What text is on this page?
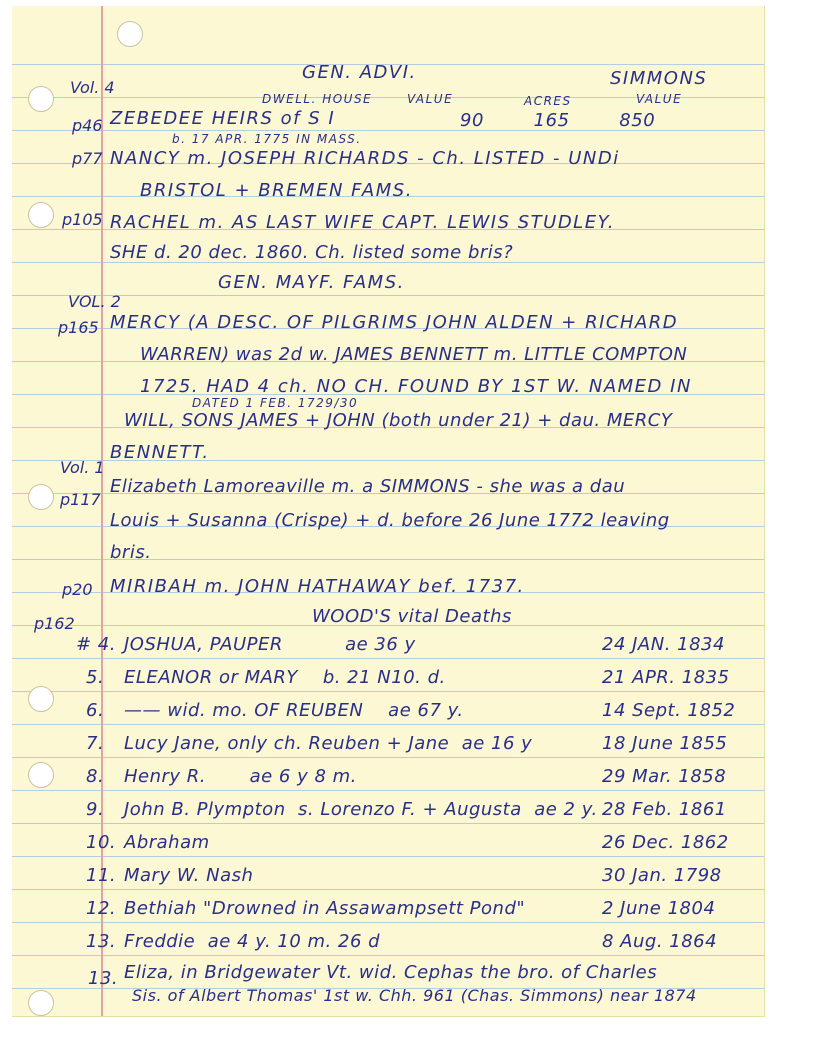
GEN. ADVI.	SIMMONS
DWELL. HOUSE	VALUE	ACRES	VALUE
Vol. 4
p46
p77
p105
VOL. 2
p165
Vol. 1
p117
p20
p162
ZEBEDEE HEIRS of S I	90        165        850
b. 17 APR. 1775 IN MASS.
NANCY m. JOSEPH RICHARDS - Ch. LISTED - UNDi
BRISTOL + BREMEN FAMS.
RACHEL m. AS LAST WIFE CAPT. LEWIS STUDLEY.
SHE d. 20 dec. 1860. Ch. listed some bris?
GEN. MAYF. FAMS.
MERCY (A DESC. OF PILGRIMS JOHN ALDEN + RICHARD
WARREN) was 2d w. JAMES BENNETT m. LITTLE COMPTON
1725. HAD 4 ch. NO CH. FOUND BY 1ST W. NAMED IN
DATED 1 FEB. 1729/30
WILL, SONS JAMES + JOHN (both under 21) + dau. MERCY
BENNETT.
Elizabeth Lamoreaville m. a SIMMONS - she was a dau
Louis + Susanna (Crispe) + d. before 26 June 1772 leaving
bris.
MIRIBAH m. JOHN HATHAWAY bef. 1737.
WOOD'S vital Deaths
# 4. JOSHUA, PAUPER          ae 36 y	24 JAN. 1834
5. ELEANOR or MARY    b. 21 N10. d.	21 APR. 1835
6. —— wid. mo. OF REUBEN    ae 67 y.	14 Sept. 1852
7. Lucy Jane, only ch. Reuben + Jane  ae 16 y	18 June 1855
8. Henry R.       ae 6 y 8 m.	29 Mar. 1858
9. John B. Plympton  s. Lorenzo F. + Augusta  ae 2 y. 28 Feb. 1861
10. Abraham	26 Dec. 1862
11. Mary W. Nash	30 Jan. 1798
12. Bethiah "Drowned in Assawampsett Pond"	2 June 1804
13. Freddie  ae 4 y. 10 m. 26 d	8 Aug. 1864
13. Eliza, in Bridgewater Vt. wid. Cephas the bro. of Charles
Sis. of Albert Thomas' 1st w. Chh. 961 (Chas. Simmons) near 1874
